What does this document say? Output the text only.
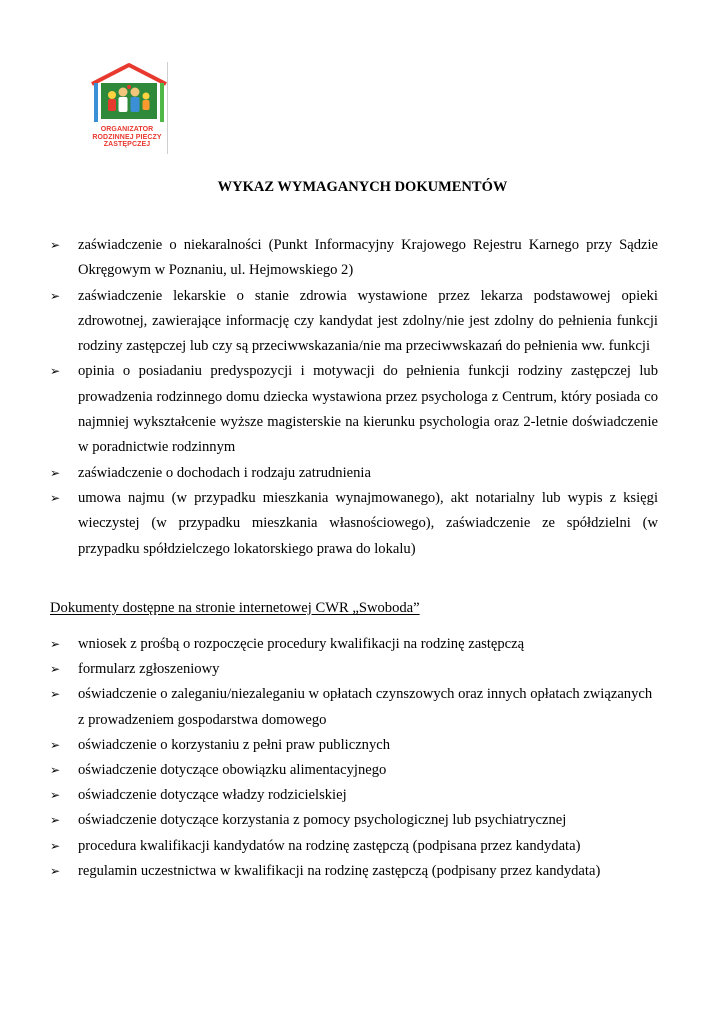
ORGANIZATOR
RODZINNEJ PIECZY
ZASTĘPCZEJ
WYKAZ WYMAGANYCH DOKUMENTÓW
➢ zaświadczenie o niekaralności (Punkt Informacyjny Krajowego Rejestru Karnego przy Sądzie Okręgowym w Poznaniu, ul. Hejmowskiego 2)
➢ zaświadczenie lekarskie o stanie zdrowia wystawione przez lekarza podstawowej opieki zdrowotnej, zawierające informację czy kandydat jest zdolny/nie jest zdolny do pełnienia funkcji rodziny zastępczej lub czy są przeciwwskazania/nie ma przeciwwskazań do pełnienia ww. funkcji
➢ opinia o posiadaniu predyspozycji i motywacji do pełnienia funkcji rodziny zastępczej lub prowadzenia rodzinnego domu dziecka wystawiona przez psychologa z Centrum, który posiada co najmniej wykształcenie wyższe magisterskie na kierunku psychologia oraz 2-letnie doświadczenie w poradnictwie rodzinnym
➢ zaświadczenie o dochodach i rodzaju zatrudnienia
➢ umowa najmu (w przypadku mieszkania wynajmowanego), akt notarialny lub wypis z księgi wieczystej (w przypadku mieszkania własnościowego), zaświadczenie ze spółdzielni (w przypadku spółdzielczego lokatorskiego prawa do lokalu)

Dokumenty dostępne na stronie internetowej CWR „Swoboda”

➢ wniosek z prośbą o rozpoczęcie procedury kwalifikacji na rodzinę zastępczą
➢ formularz zgłoszeniowy
➢ oświadczenie o zaleganiu/niezaleganiu w opłatach czynszowych oraz innych opłatach związanych z prowadzeniem gospodarstwa domowego
➢ oświadczenie o korzystaniu z pełni praw publicznych
➢ oświadczenie dotyczące obowiązku alimentacyjnego
➢ oświadczenie dotyczące władzy rodzicielskiej
➢ oświadczenie dotyczące korzystania z pomocy psychologicznej lub psychiatrycznej
➢ procedura kwalifikacji kandydatów na rodzinę zastępczą (podpisana przez kandydata)
➢ regulamin uczestnictwa w kwalifikacji na rodzinę zastępczą (podpisany przez kandydata)
